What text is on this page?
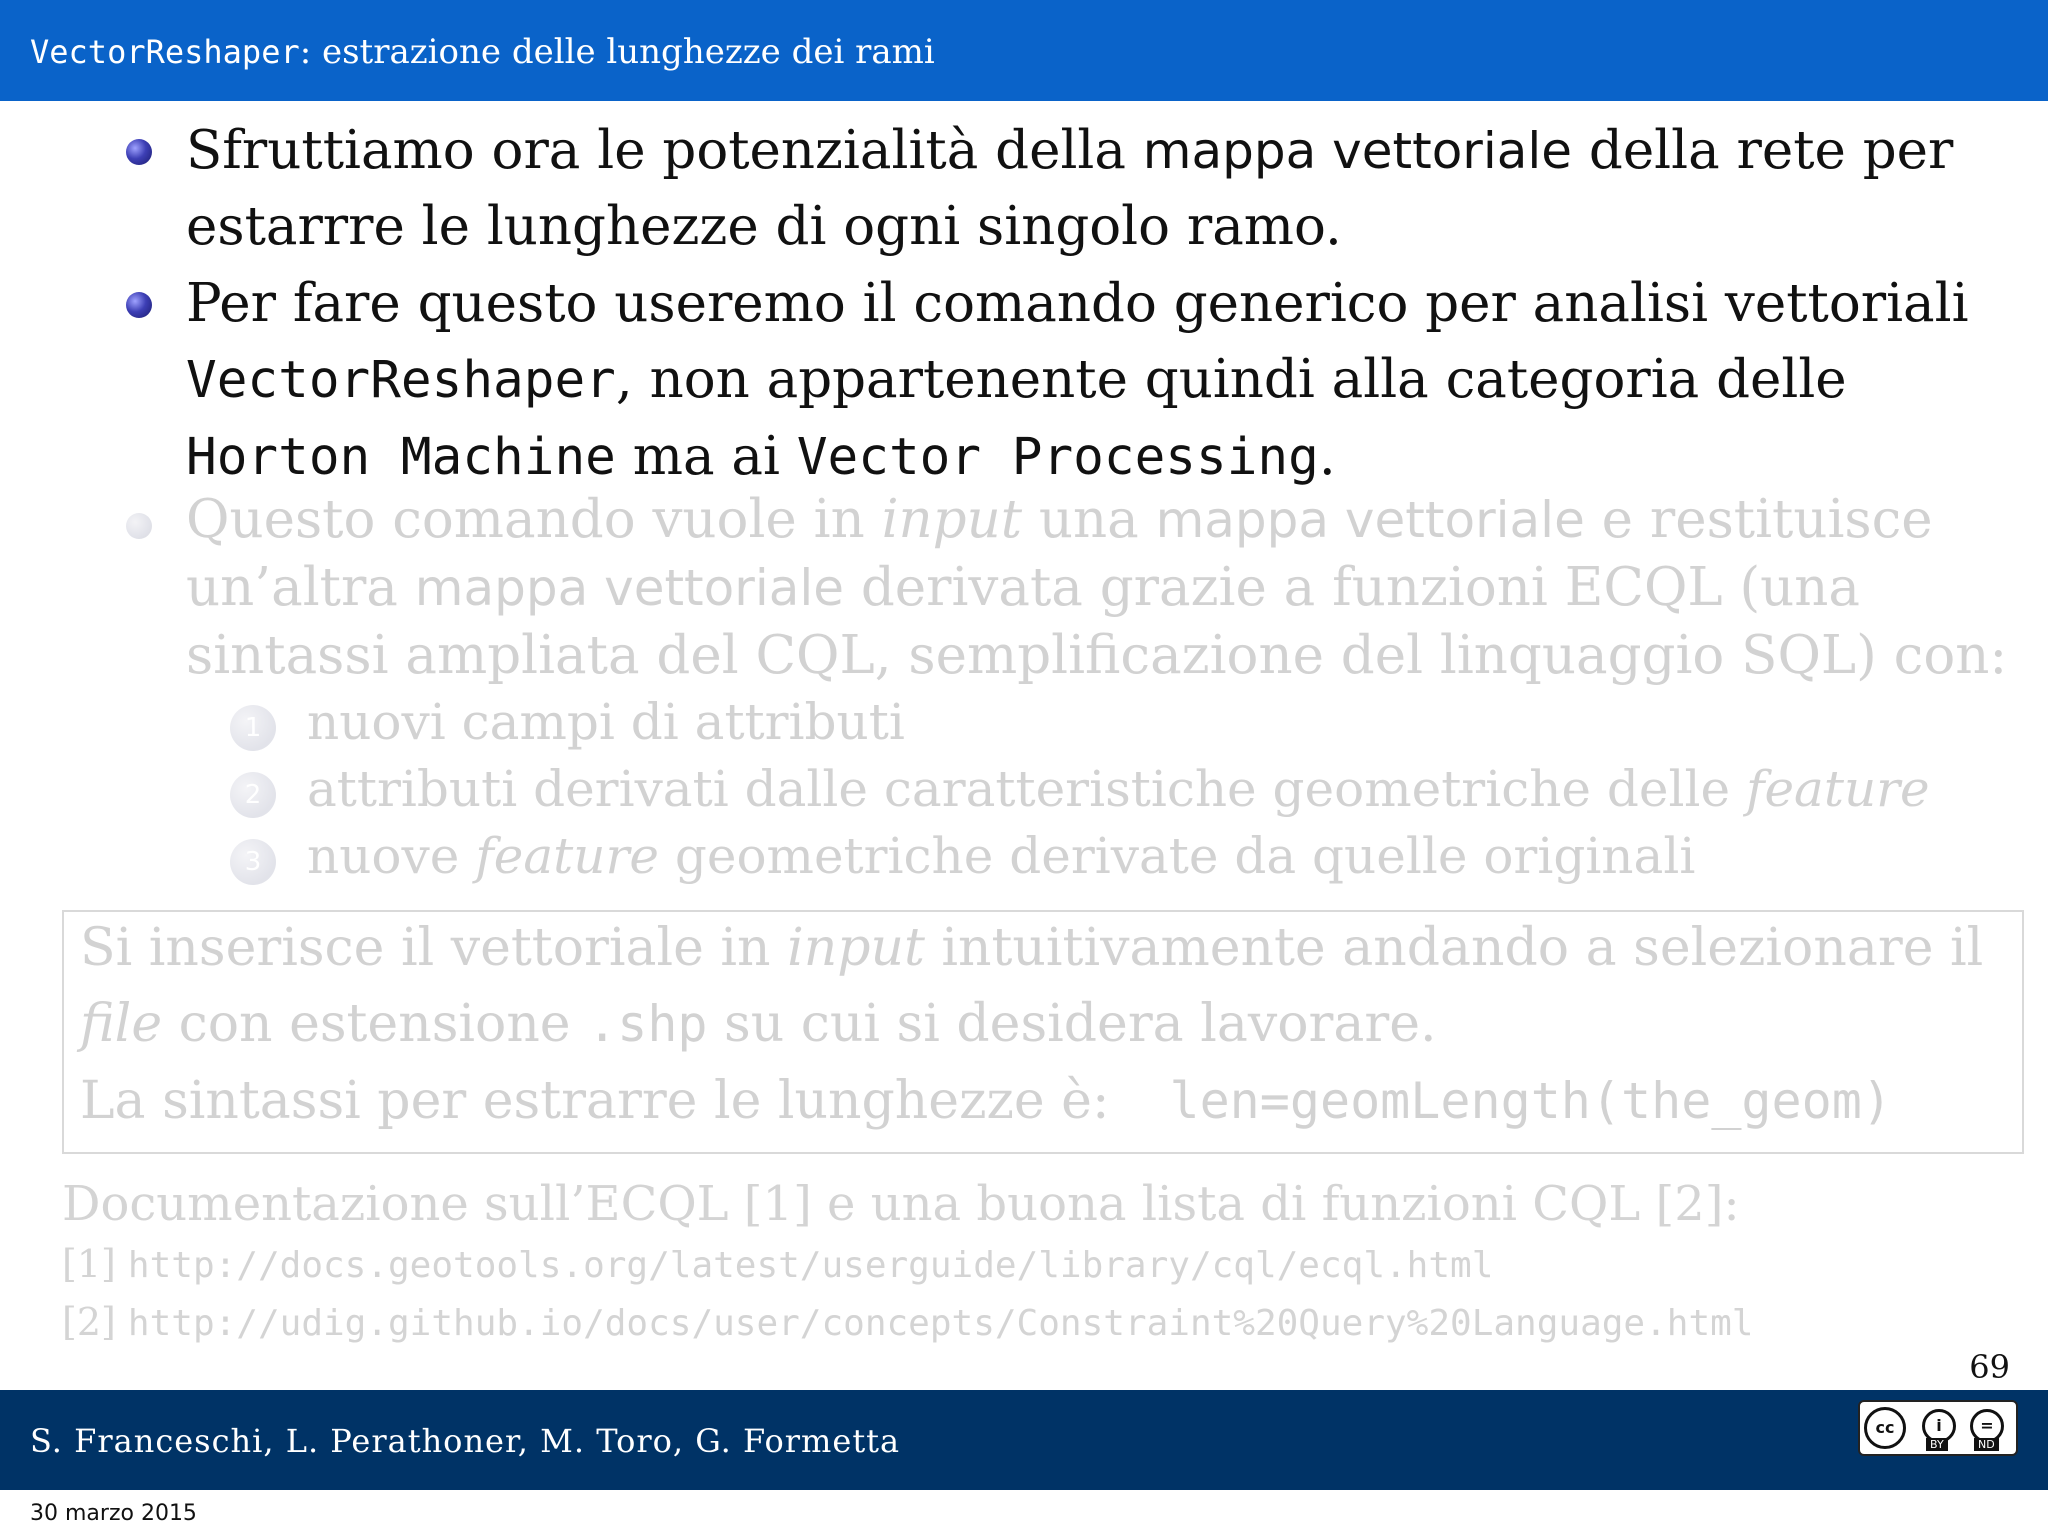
VectorReshaper: estrazione delle lunghezze dei rami
Sfruttiamo ora le potenzialità della mappa vettoriale della rete per
estarrre le lunghezze di ogni singolo ramo.
Per fare questo useremo il comando generico per analisi vettoriali
VectorReshaper, non appartenente quindi alla categoria delle
Horton Machine ma ai Vector Processing.
Questo comando vuole in input una mappa vettoriale e restituisce
un’altra mappa vettoriale derivata grazie a funzioni ECQL (una
sintassi ampliata del CQL, semplificazione del linquaggio SQL) con:
1 nuovi campi di attributi
2 attributi derivati dalle caratteristiche geometriche delle feature
3 nuove feature geometriche derivate da quelle originali
Si inserisce il vettoriale in input intuitivamente andando a selezionare il
file con estensione .shp su cui si desidera lavorare.
La sintassi per estrarre le lunghezze è: len=geomLength(the_geom)
Documentazione sull’ECQL [1] e una buona lista di funzioni CQL [2]:
[1] http://docs.geotools.org/latest/userguide/library/cql/ecql.html
[2] http://udig.github.io/docs/user/concepts/Constraint%20Query%20Language.html
69
S. Franceschi, L. Perathoner, M. Toro, G. Formetta	cc	i	=
BY	ND
30 marzo 2015
